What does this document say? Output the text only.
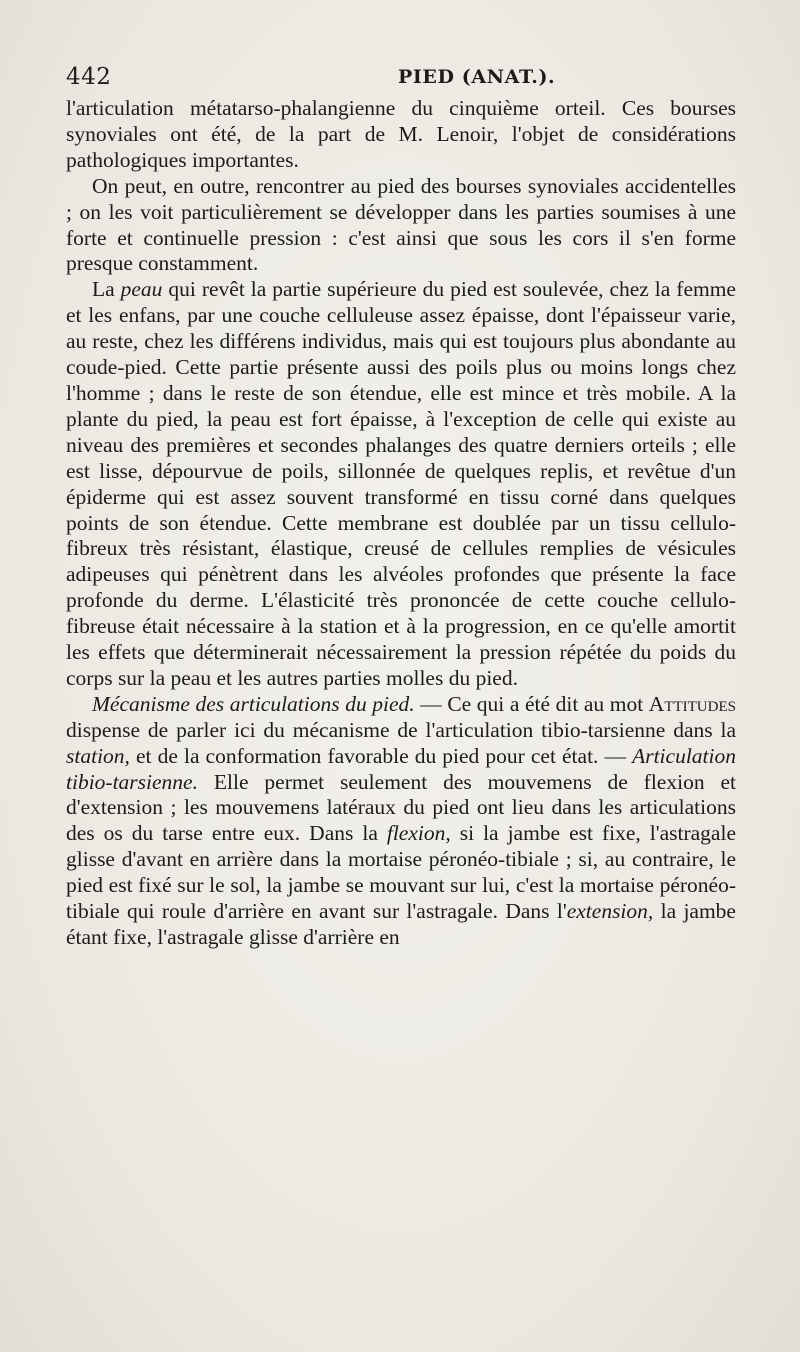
442	PIED (ANAT.).

l'articulation métatarso-phalangienne du cinquième orteil. Ces bourses synoviales ont été, de la part de M. Lenoir, l'objet de considérations pathologiques importantes.

On peut, en outre, rencontrer au pied des bourses synoviales accidentelles ; on les voit particulièrement se développer dans les parties soumises à une forte et continuelle pression : c'est ainsi que sous les cors il s'en forme presque constamment.

La peau qui revêt la partie supérieure du pied est soulevée, chez la femme et les enfans, par une couche celluleuse assez épaisse, dont l'épaisseur varie, au reste, chez les différens individus, mais qui est toujours plus abondante au coude-pied. Cette partie présente aussi des poils plus ou moins longs chez l'homme ; dans le reste de son étendue, elle est mince et très mobile. A la plante du pied, la peau est fort épaisse, à l'exception de celle qui existe au niveau des premières et secondes phalanges des quatre derniers orteils ; elle est lisse, dépourvue de poils, sillonnée de quelques replis, et revêtue d'un épiderme qui est assez souvent transformé en tissu corné dans quelques points de son étendue. Cette membrane est doublée par un tissu cellulo-fibreux très résistant, élastique, creusé de cellules remplies de vésicules adipeuses qui pénètrent dans les alvéoles profondes que présente la face profonde du derme. L'élasticité très prononcée de cette couche cellulo-fibreuse était nécessaire à la station et à la progression, en ce qu'elle amortit les effets que déterminerait nécessairement la pression répétée du poids du corps sur la peau et les autres parties molles du pied.

Mécanisme des articulations du pied. — Ce qui a été dit au mot Attitudes dispense de parler ici du mécanisme de l'articulation tibio-tarsienne dans la station, et de la conformation favorable du pied pour cet état. — Articulation tibio-tarsienne. Elle permet seulement des mouvemens de flexion et d'extension ; les mouvemens latéraux du pied ont lieu dans les articulations des os du tarse entre eux. Dans la flexion, si la jambe est fixe, l'astragale glisse d'avant en arrière dans la mortaise péronéo-tibiale ; si, au contraire, le pied est fixé sur le sol, la jambe se mouvant sur lui, c'est la mortaise péronéo-tibiale qui roule d'arrière en avant sur l'astragale. Dans l'extension, la jambe étant fixe, l'astragale glisse d'arrière en
